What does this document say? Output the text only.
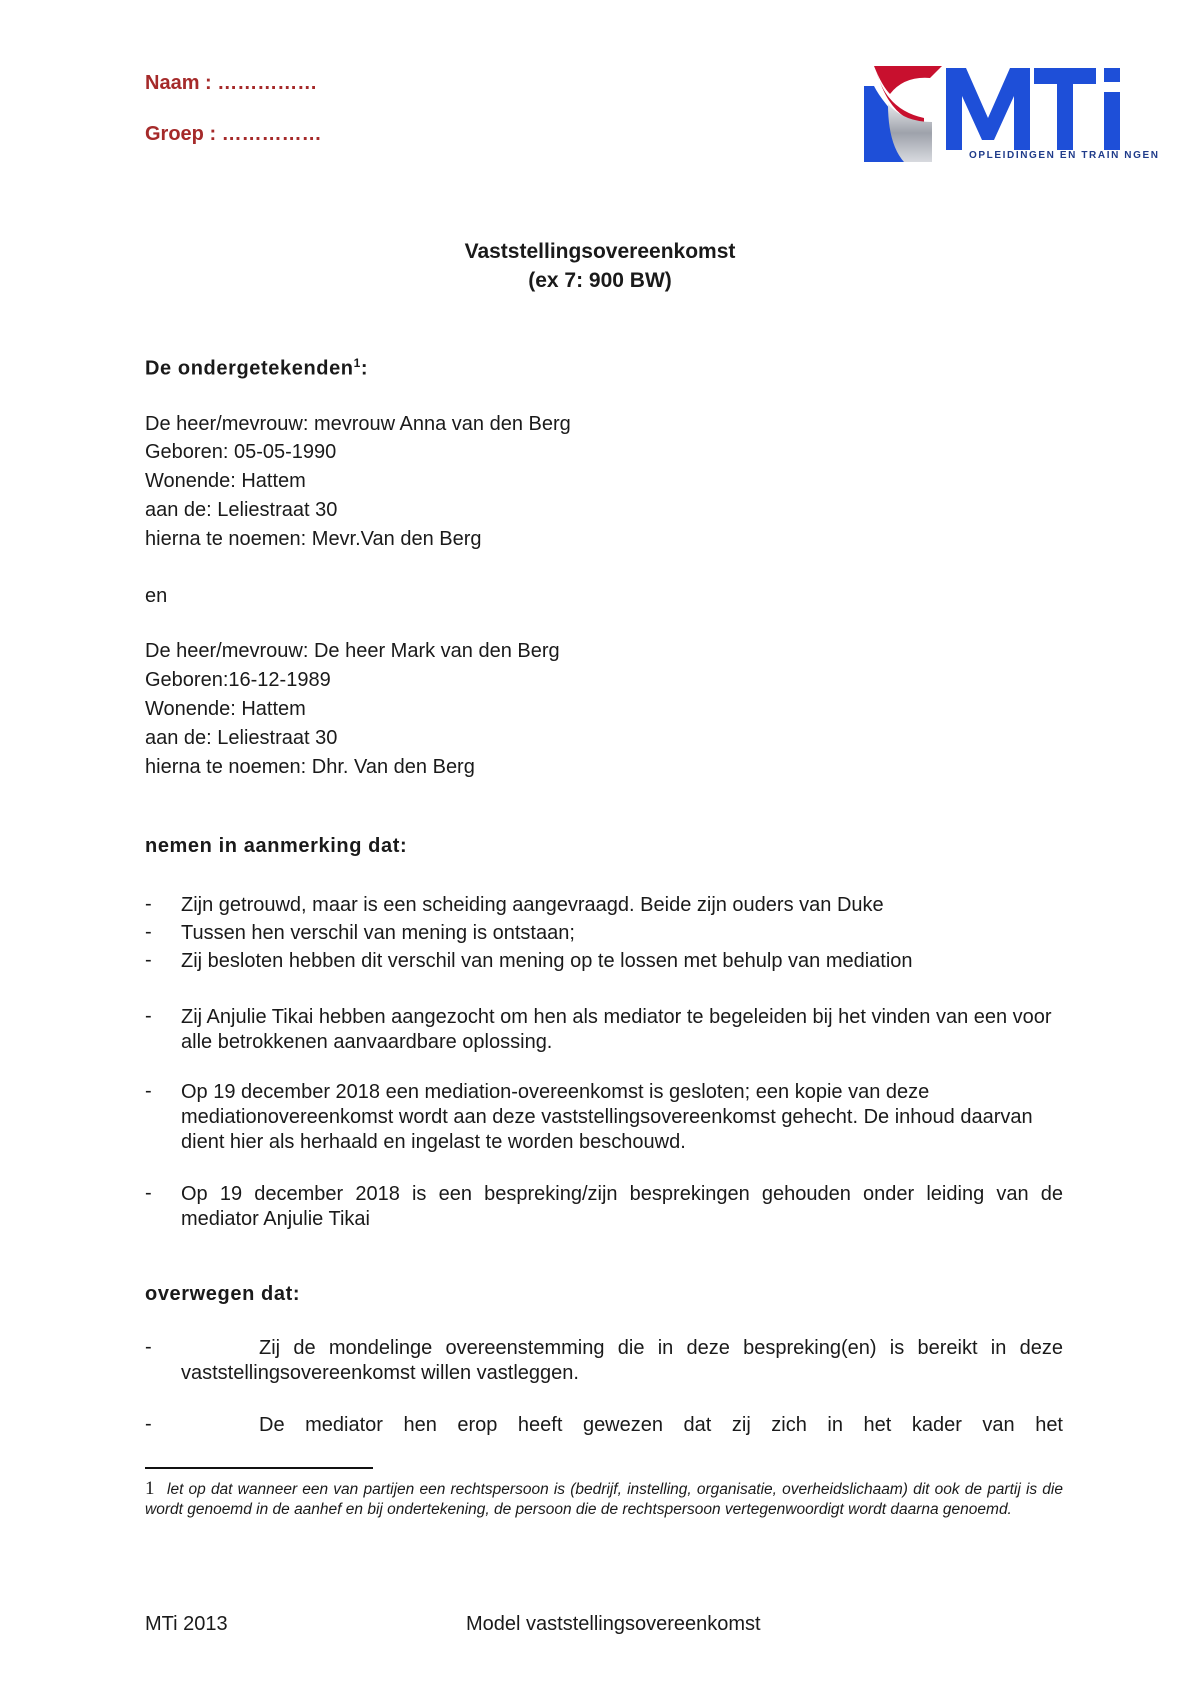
Naam : ……………
Groep : ……………
OPLEIDINGEN EN TRAIN NGEN
Vaststellingsovereenkomst
(ex 7: 900 BW)
De ondergetekenden$^1$:
De heer/mevrouw: mevrouw Anna van den Berg
Geboren: 05-05-1990
Wonende: Hattem
aan de: Leliestraat 30
hierna te noemen: Mevr.Van den Berg
en
De heer/mevrouw: De heer Mark van den Berg
Geboren:16-12-1989
Wonende: Hattem
aan de: Leliestraat 30
hierna te noemen: Dhr. Van den Berg
nemen in aanmerking dat:
- Zijn getrouwd, maar is een scheiding aangevraagd. Beide zijn ouders van Duke
- Tussen hen verschil van mening is ontstaan;
- Zij besloten hebben dit verschil van mening op te lossen met behulp van mediation
- Zij Anjulie Tikai hebben aangezocht om hen als mediator te begeleiden bij het vinden van een voor alle betrokkenen aanvaardbare oplossing.
- Op 19 december 2018 een mediation-overeenkomst is gesloten; een kopie van deze mediationovereenkomst wordt aan deze vaststellingsovereenkomst gehecht. De inhoud daarvan dient hier als herhaald en ingelast te worden beschouwd.
- Op 19 december 2018 is een bespreking/zijn besprekingen gehouden onder leiding van de mediator Anjulie Tikai
overwegen dat:
-	Zij de mondelinge overeenstemming die in deze bespreking(en) is bereikt in deze vaststellingsovereenkomst willen vastleggen.
-	De mediator hen erop heeft gewezen dat zij zich in het kader van het
1 let op dat wanneer een van partijen een rechtspersoon is (bedrijf, instelling, organisatie, overheidslichaam) dit ook de partij is die wordt genoemd in de aanhef en bij ondertekening, de persoon die de rechtspersoon vertegenwoordigt wordt daarna genoemd.
MTi 2013	Model vaststellingsovereenkomst
